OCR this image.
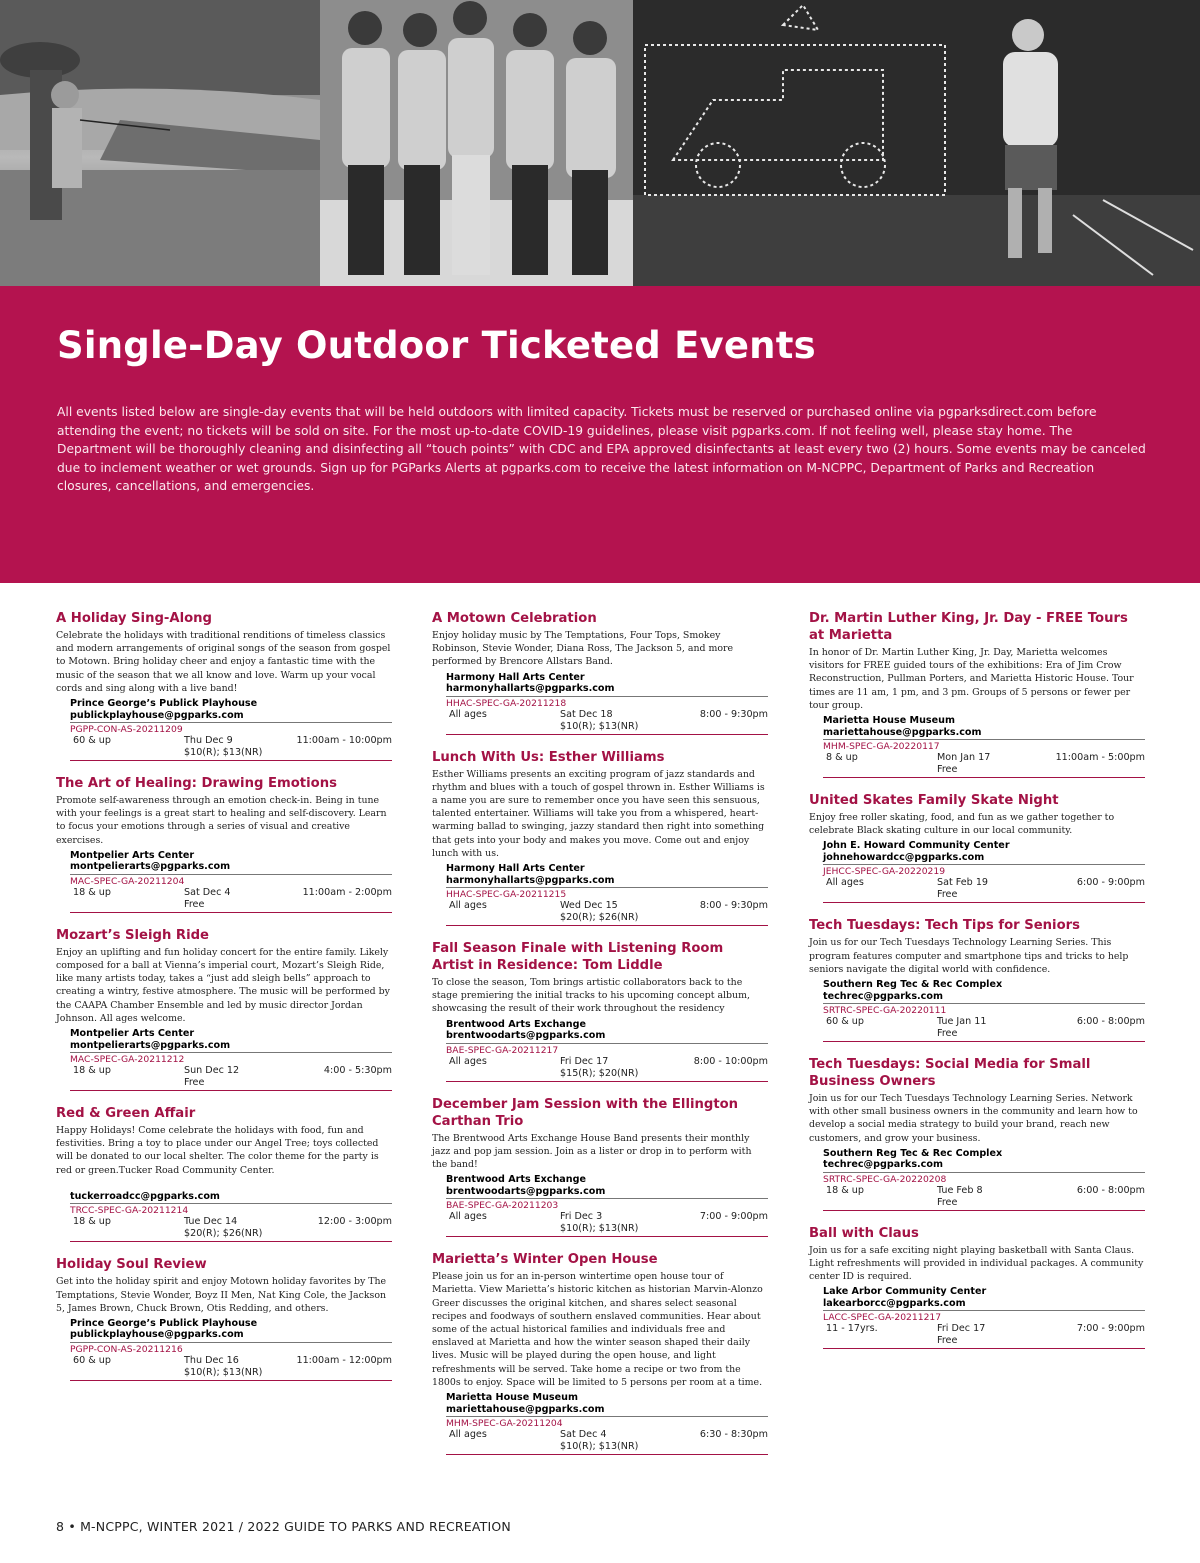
Single-Day Outdoor Ticketed Events

All events listed below are single-day events that will be held outdoors with limited capacity. Tickets must be reserved or purchased online via pgparksdirect.com before attending the event; no tickets will be sold on site. For the most up-to-date COVID-19 guidelines, please visit pgparks.com. If not feeling well, please stay home. The Department will be thoroughly cleaning and disinfecting all “touch points” with CDC and EPA approved disinfectants at least every two (2) hours. Some events may be canceled due to inclement weather or wet grounds. Sign up for PGParks Alerts at pgparks.com to receive the latest information on M-NCPPC, Department of Parks and Recreation closures, cancellations, and emergencies.

A Holiday Sing-Along
Celebrate the holidays with traditional renditions of timeless classics and modern arrangements of original songs of the season from gospel to Motown. Bring holiday cheer and enjoy a fantastic time with the music of the season that we all know and love. Warm up your vocal cords and sing along with a live band!
Prince George’s Publick Playhouse
publickplayhouse@pgparks.com
PGPP-CON-AS-20211209
60 & up	Thu Dec 9	11:00am - 10:00pm
$10(R); $13(NR)
The Art of Healing: Drawing Emotions
Promote self-awareness through an emotion check-in. Being in tune with your feelings is a great start to healing and self-discovery. Learn to focus your emotions through a series of visual and creative exercises.
Montpelier Arts Center
montpelierarts@pgparks.com
MAC-SPEC-GA-20211204
18 & up	Sat Dec 4	11:00am - 2:00pm
Free
Mozart’s Sleigh Ride
Enjoy an uplifting and fun holiday concert for the entire family. Likely composed for a ball at Vienna’s imperial court, Mozart’s Sleigh Ride, like many artists today, takes a “just add sleigh bells” approach to creating a wintry, festive atmosphere. The music will be performed by the CAAPA Chamber Ensemble and led by music director Jordan Johnson. All ages welcome.
Montpelier Arts Center
montpelierarts@pgparks.com
MAC-SPEC-GA-20211212
18 & up	Sun Dec 12	4:00 - 5:30pm
Free
Red & Green Affair
Happy Holidays! Come celebrate the holidays with food, fun and festivities. Bring a toy to place under our Angel Tree; toys collected will be donated to our local shelter. The color theme for the party is red or green.Tucker Road Community Center.
tuckerroadcc@pgparks.com
TRCC-SPEC-GA-20211214
18 & up	Tue Dec 14	12:00 - 3:00pm
$20(R); $26(NR)
Holiday Soul Review
Get into the holiday spirit and enjoy Motown holiday favorites by The Temptations, Stevie Wonder, Boyz II Men, Nat King Cole, the Jackson 5, James Brown, Chuck Brown, Otis Redding, and others.
Prince George’s Publick Playhouse
publickplayhouse@pgparks.com
PGPP-CON-AS-20211216
60 & up	Thu Dec 16	11:00am - 12:00pm
$10(R); $13(NR)
A Motown Celebration
Enjoy holiday music by The Temptations, Four Tops, Smokey Robinson, Stevie Wonder, Diana Ross, The Jackson 5, and more performed by Brencore Allstars Band.
Harmony Hall Arts Center
harmonyhallarts@pgparks.com
HHAC-SPEC-GA-20211218
All ages	Sat Dec 18	8:00 - 9:30pm
$10(R); $13(NR)
Lunch With Us: Esther Williams
Esther Williams presents an exciting program of jazz standards and rhythm and blues with a touch of gospel thrown in. Esther Williams is a name you are sure to remember once you have seen this sensuous, talented entertainer. Williams will take you from a whispered, heart-warming ballad to swinging, jazzy standard then right into something that gets into your body and makes you move. Come out and enjoy lunch with us.
Harmony Hall Arts Center
harmonyhallarts@pgparks.com
HHAC-SPEC-GA-20211215
All ages	Wed Dec 15	8:00 - 9:30pm
$20(R); $26(NR)
Fall Season Finale with Listening Room Artist in Residence: Tom Liddle
To close the season, Tom brings artistic collaborators back to the stage premiering the initial tracks to his upcoming concept album, showcasing the result of their work throughout the residency
Brentwood Arts Exchange
brentwoodarts@pgparks.com
BAE-SPEC-GA-20211217
All ages	Fri Dec 17	8:00 - 10:00pm
$15(R); $20(NR)
December Jam Session with the Ellington Carthan Trio
The Brentwood Arts Exchange House Band presents their monthly jazz and pop jam session. Join as a lister or drop in to perform with the band!
Brentwood Arts Exchange
brentwoodarts@pgparks.com
BAE-SPEC-GA-20211203
All ages	Fri Dec 3	7:00 - 9:00pm
$10(R); $13(NR)
Marietta’s Winter Open House
Please join us for an in-person wintertime open house tour of Marietta. View Marietta’s historic kitchen as historian Marvin-Alonzo Greer discusses the original kitchen, and shares select seasonal recipes and foodways of southern enslaved communities. Hear about some of the actual historical families and individuals free and enslaved at Marietta and how the winter season shaped their daily lives. Music will be played during the open house, and light refreshments will be served. Take home a recipe or two from the 1800s to enjoy. Space will be limited to 5 persons per room at a time.
Marietta House Museum
mariettahouse@pgparks.com
MHM-SPEC-GA-20211204
All ages	Sat Dec 4	6:30 - 8:30pm
$10(R); $13(NR)
Dr. Martin Luther King, Jr. Day - FREE Tours at Marietta
In honor of Dr. Martin Luther King, Jr. Day, Marietta welcomes visitors for FREE guided tours of the exhibitions: Era of Jim Crow Reconstruction, Pullman Porters, and Marietta Historic House. Tour times are 11 am, 1 pm, and 3 pm. Groups of 5 persons or fewer per tour group.
Marietta House Museum
mariettahouse@pgparks.com
MHM-SPEC-GA-20220117
8 & up	Mon Jan 17	11:00am - 5:00pm
Free
United Skates Family Skate Night
Enjoy free roller skating, food, and fun as we gather together to celebrate Black skating culture in our local community.
John E. Howard Community Center
johnehowardcc@pgparks.com
JEHCC-SPEC-GA-20220219
All ages	Sat Feb 19	6:00 - 9:00pm
Free
Tech Tuesdays: Tech Tips for Seniors
Join us for our Tech Tuesdays Technology Learning Series. This program features computer and smartphone tips and tricks to help seniors navigate the digital world with confidence.
Southern Reg Tec & Rec Complex
techrec@pgparks.com
SRTRC-SPEC-GA-20220111
60 & up	Tue Jan 11	6:00 - 8:00pm
Free
Tech Tuesdays: Social Media for Small Business Owners
Join us for our Tech Tuesdays Technology Learning Series. Network with other small business owners in the community and learn how to develop a social media strategy to build your brand, reach new customers, and grow your business.
Southern Reg Tec & Rec Complex
techrec@pgparks.com
SRTRC-SPEC-GA-20220208
18 & up	Tue Feb 8	6:00 - 8:00pm
Free
Ball with Claus
Join us for a safe exciting night playing basketball with Santa Claus. Light refreshments will provided in individual packages. A community center ID is required.
Lake Arbor Community Center
lakearborcc@pgparks.com
LACC-SPEC-GA-20211217
11 - 17yrs.	Fri Dec 17	7:00 - 9:00pm
Free
8 • M-NCPPC, WINTER 2021 / 2022 GUIDE TO PARKS AND RECREATION
